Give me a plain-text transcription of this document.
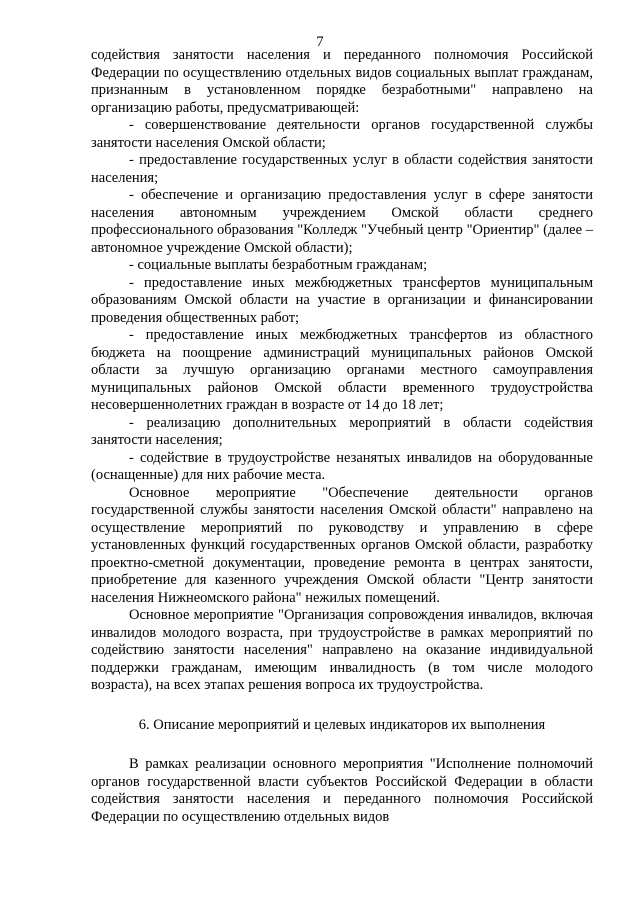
7

содействия занятости населения и переданного полномочия Российской Федерации по осуществлению отдельных видов социальных выплат гражданам, признанным в установленном порядке безработными" направлено на организацию работы, предусматривающей:

- совершенствование деятельности органов государственной службы занятости населения Омской области;

- предоставление государственных услуг в области содействия занятости населения;

- обеспечение и организацию предоставления услуг в сфере занятости населения автономным учреждением Омской области среднего профессионального образования "Колледж "Учебный центр "Ориентир" (далее – автономное учреждение Омской области);

- социальные выплаты безработным гражданам;

- предоставление иных межбюджетных трансфертов муниципальным образованиям Омской области на участие в организации и финансировании проведения общественных работ;

- предоставление иных межбюджетных трансфертов из областного бюджета на поощрение администраций муниципальных районов Омской области за лучшую организацию органами местного самоуправления муниципальных районов Омской области временного трудоустройства несовершеннолетних граждан в возрасте от 14 до 18 лет;

- реализацию дополнительных мероприятий в области содействия занятости населения;

- содействие в трудоустройстве незанятых инвалидов на оборудованные (оснащенные) для них рабочие места.

Основное мероприятие "Обеспечение деятельности органов государственной службы занятости населения Омской области" направлено на осуществление мероприятий по руководству и управлению в сфере установленных функций государственных органов Омской области, разработку проектно-сметной документации, проведение ремонта в центрах занятости, приобретение для казенного учреждения Омской области "Центр занятости населения Нижнеомского района" нежилых помещений.

Основное мероприятие "Организация сопровождения инвалидов, включая инвалидов молодого возраста, при трудоустройстве в рамках мероприятий по содействию занятости населения" направлено на оказание индивидуальной поддержки гражданам, имеющим инвалидность (в том числе молодого возраста), на всех этапах решения вопроса их трудоустройства.

6. Описание мероприятий и целевых индикаторов их выполнения

В рамках реализации основного мероприятия "Исполнение полномочий органов государственной власти субъектов Российской Федерации в области содействия занятости населения и переданного полномочия Российской Федерации по осуществлению отдельных видов
